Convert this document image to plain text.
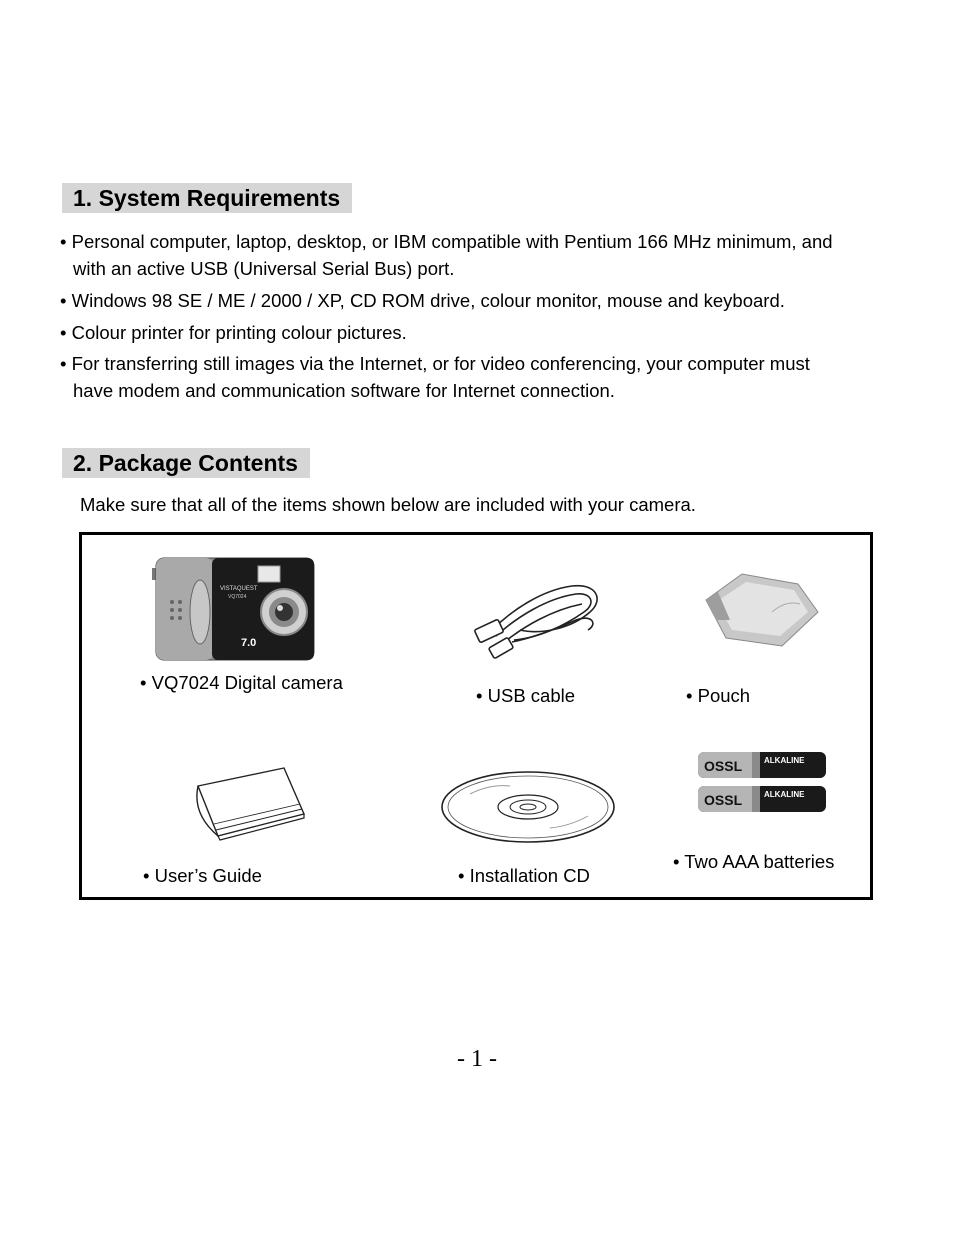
1. System Requirements
• Personal computer, laptop, desktop, or IBM compatible with Pentium 166 MHz minimum, and
with an active USB (Universal Serial Bus) port.
• Windows 98 SE / ME / 2000 / XP, CD ROM drive, colour monitor, mouse and keyboard.
• Colour printer for printing colour pictures.
• For transferring still images via the Internet, or for video conferencing, your computer must
have modem and communication software for Internet connection.
2. Package Contents
Make sure that all of the items shown below are included with your camera.
VISTAQUEST
VQ7024
7.0
• VQ7024 Digital camera
• USB cable	• Pouch
• User’s Guide	• Installation CD
OSSL	ALKALINE
OSSL	ALKALINE
• Two AAA batteries
- 1 -
